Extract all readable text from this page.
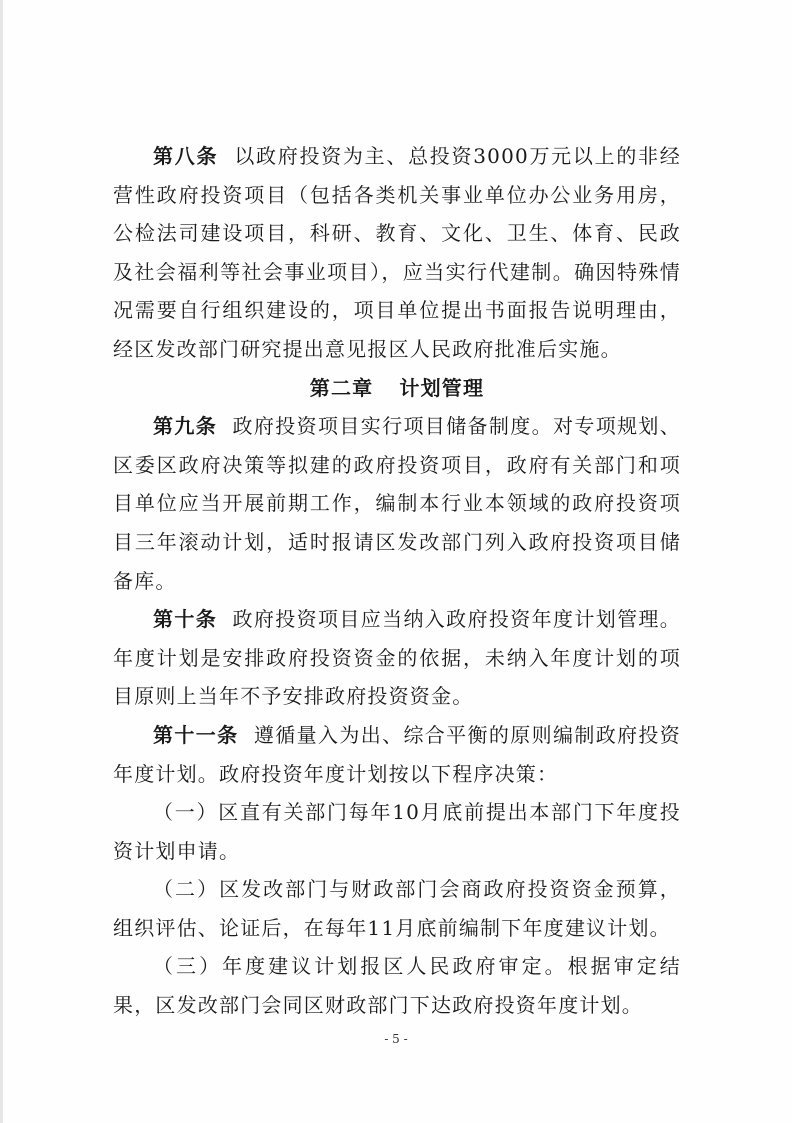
第八条 以政府投资为主、总投资3000万元以上的非经营性政府投资项目（包括各类机关事业单位办公业务用房，公检法司建设项目，科研、教育、文化、卫生、体育、民政及社会福利等社会事业项目），应当实行代建制。确因特殊情况需要自行组织建设的，项目单位提出书面报告说明理由，经区发改部门研究提出意见报区人民政府批准后实施。

第二章 计划管理

第九条 政府投资项目实行项目储备制度。对专项规划、区委区政府决策等拟建的政府投资项目，政府有关部门和项目单位应当开展前期工作，编制本行业本领域的政府投资项目三年滚动计划，适时报请区发改部门列入政府投资项目储备库。

第十条 政府投资项目应当纳入政府投资年度计划管理。年度计划是安排政府投资资金的依据，未纳入年度计划的项目原则上当年不予安排政府投资资金。

第十一条 遵循量入为出、综合平衡的原则编制政府投资年度计划。政府投资年度计划按以下程序决策：

（一）区直有关部门每年10月底前提出本部门下年度投资计划申请。

（二）区发改部门与财政部门会商政府投资资金预算，组织评估、论证后，在每年11月底前编制下年度建议计划。

（三）年度建议计划报区人民政府审定。根据审定结果，区发改部门会同区财政部门下达政府投资年度计划。

- 5 -
